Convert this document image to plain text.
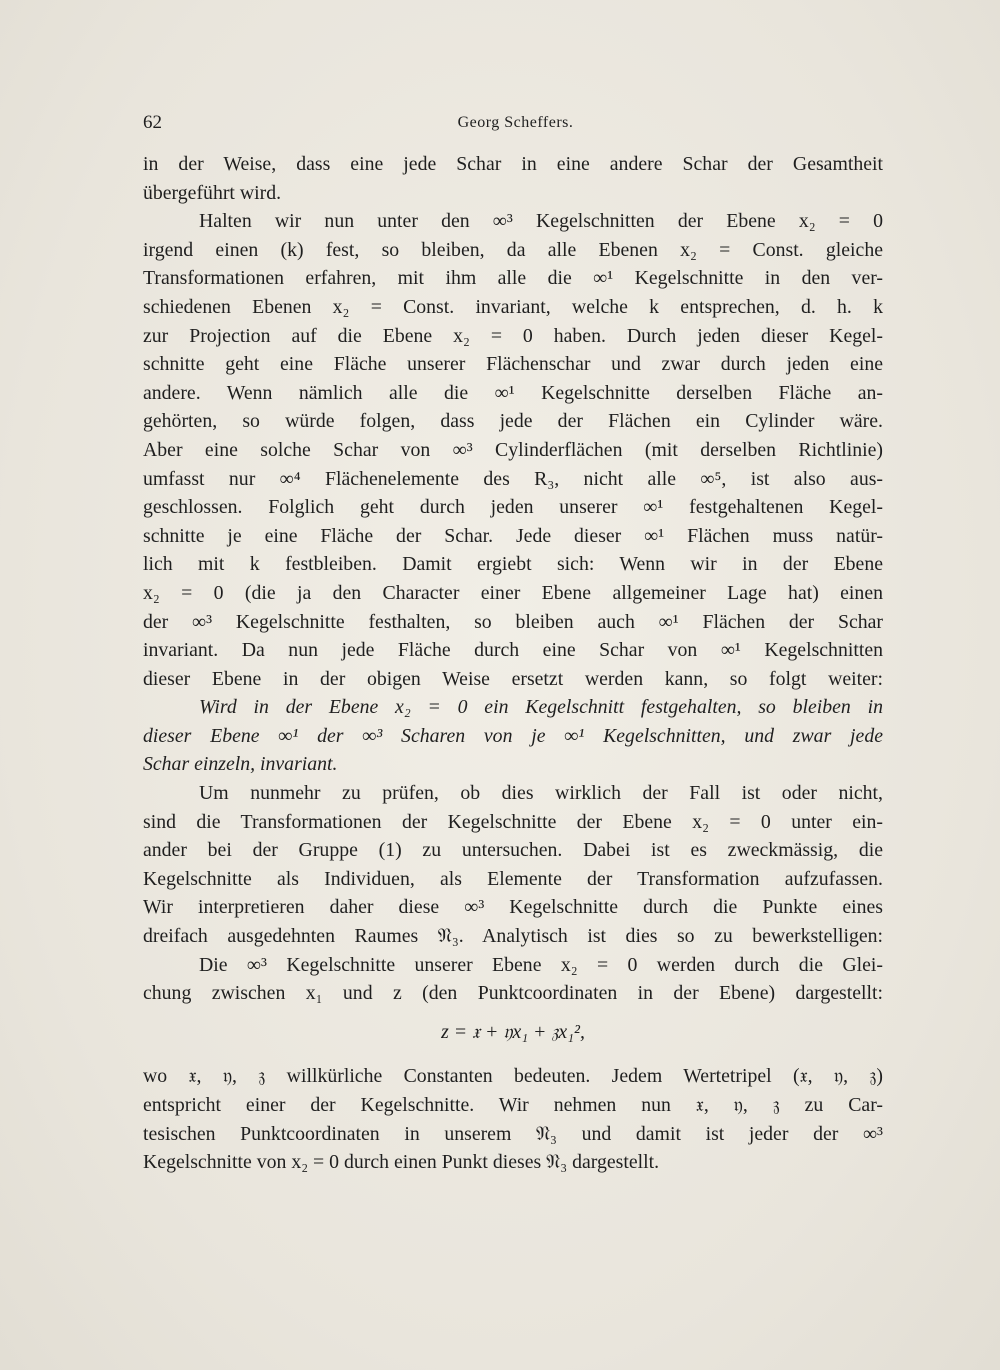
62	Georg Scheffers.
in der Weise, dass eine jede Schar in eine andere Schar der Gesamtheit
übergeführt wird.
Halten wir nun unter den ∞³ Kegelschnitten der Ebene x₂ = 0
irgend einen (k) fest, so bleiben, da alle Ebenen x₂ = Const. gleiche
Transformationen erfahren, mit ihm alle die ∞¹ Kegelschnitte in den ver-
schiedenen Ebenen x₂ = Const. invariant, welche k entsprechen, d. h. k
zur Projection auf die Ebene x₂ = 0 haben. Durch jeden dieser Kegel-
schnitte geht eine Fläche unserer Flächenschar und zwar durch jeden eine
andere. Wenn nämlich alle die ∞¹ Kegelschnitte derselben Fläche an-
gehörten, so würde folgen, dass jede der Flächen ein Cylinder wäre.
Aber eine solche Schar von ∞³ Cylinderflächen (mit derselben Richtlinie)
umfasst nur ∞⁴ Flächenelemente des R₃, nicht alle ∞⁵, ist also aus-
geschlossen. Folglich geht durch jeden unserer ∞¹ festgehaltenen Kegel-
schnitte je eine Fläche der Schar. Jede dieser ∞¹ Flächen muss natür-
lich mit k festbleiben. Damit ergiebt sich: Wenn wir in der Ebene
x₂ = 0 (die ja den Character einer Ebene allgemeiner Lage hat) einen
der ∞³ Kegelschnitte festhalten, so bleiben auch ∞¹ Flächen der Schar
invariant. Da nun jede Fläche durch eine Schar von ∞¹ Kegelschnitten
dieser Ebene in der obigen Weise ersetzt werden kann, so folgt weiter:
Wird in der Ebene x₂ = 0 ein Kegelschnitt festgehalten, so bleiben in
dieser Ebene ∞¹ der ∞³ Scharen von je ∞¹ Kegelschnitten, und zwar jede
Schar einzeln, invariant.
Um nunmehr zu prüfen, ob dies wirklich der Fall ist oder nicht,
sind die Transformationen der Kegelschnitte der Ebene x₂ = 0 unter ein-
ander bei der Gruppe (1) zu untersuchen. Dabei ist es zweckmässig, die
Kegelschnitte als Individuen, als Elemente der Transformation aufzufassen.
Wir interpretieren daher diese ∞³ Kegelschnitte durch die Punkte eines
dreifach ausgedehnten Raumes 𝔑₃. Analytisch ist dies so zu bewerkstelligen:
Die ∞³ Kegelschnitte unserer Ebene x₂ = 0 werden durch die Glei-
chung zwischen x₁ und z (den Punktcoordinaten in der Ebene) dargestellt:
z = 𝔵 + 𝔶x₁ + 𝔷x₁²,
wo 𝔵, 𝔶, 𝔷 willkürliche Constanten bedeuten. Jedem Wertetripel (𝔵, 𝔶, 𝔷)
entspricht einer der Kegelschnitte. Wir nehmen nun 𝔵, 𝔶, 𝔷 zu Car-
tesischen Punktcoordinaten in unserem 𝔑₃ und damit ist jeder der ∞³
Kegelschnitte von x₂ = 0 durch einen Punkt dieses 𝔑₃ dargestellt.
